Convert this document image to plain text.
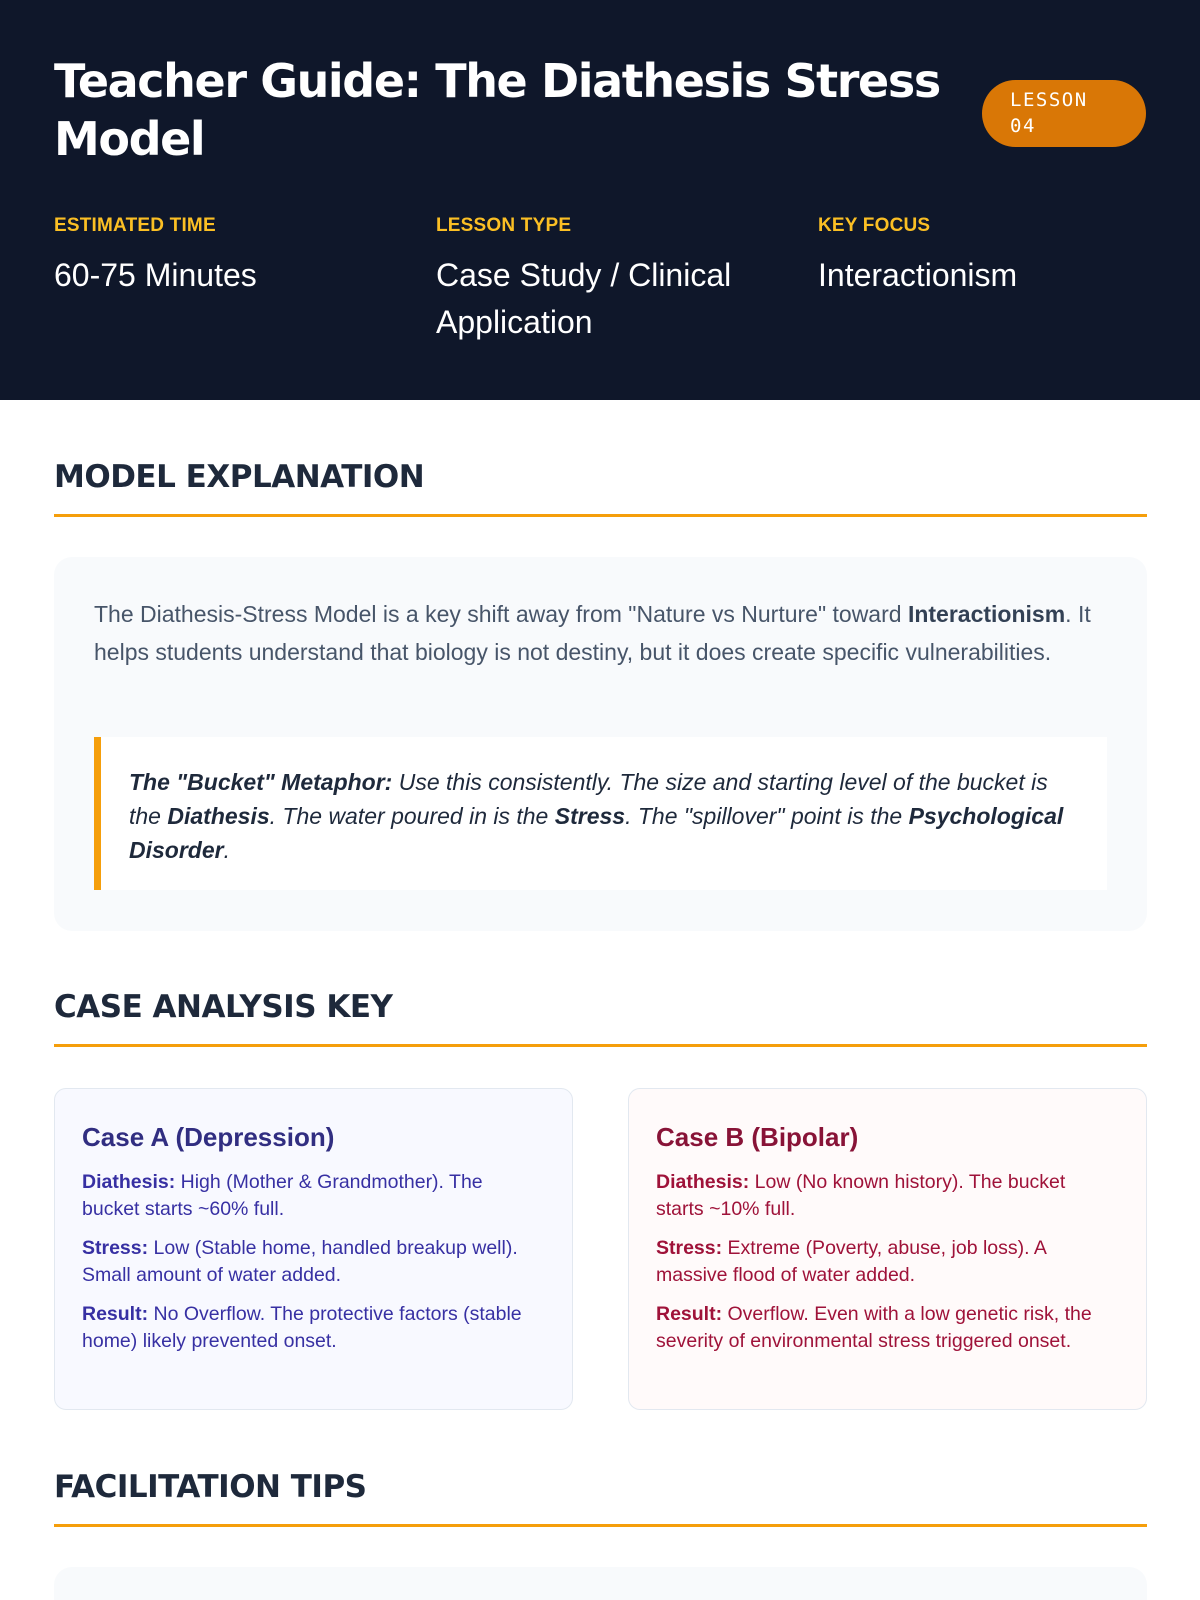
Teacher Guide: The Diathesis Stress Model
LESSON
04
ESTIMATED TIME
60-75 Minutes
LESSON TYPE
Case Study / Clinical Application
KEY FOCUS
Interactionism
MODEL EXPLANATION

The Diathesis-Stress Model is a key shift away from "Nature vs Nurture" toward Interactionism. It helps students understand that biology is not destiny, but it does create specific vulnerabilities.

The "Bucket" Metaphor: Use this consistently. The size and starting level of the bucket is the Diathesis. The water poured in is the Stress. The "spillover" point is the Psychological Disorder.

CASE ANALYSIS KEY
Case A (Depression)

Diathesis: High (Mother & Grandmother). The bucket starts ~60% full.

Stress: Low (Stable home, handled breakup well). Small amount of water added.

Result: No Overflow. The protective factors (stable home) likely prevented onset.

Case B (Bipolar)

Diathesis: Low (No known history). The bucket starts ~10% full.

Stress: Extreme (Poverty, abuse, job loss). A massive flood of water added.

Result: Overflow. Even with a low genetic risk, the severity of environmental stress triggered onset.

FACILITATION TIPS
